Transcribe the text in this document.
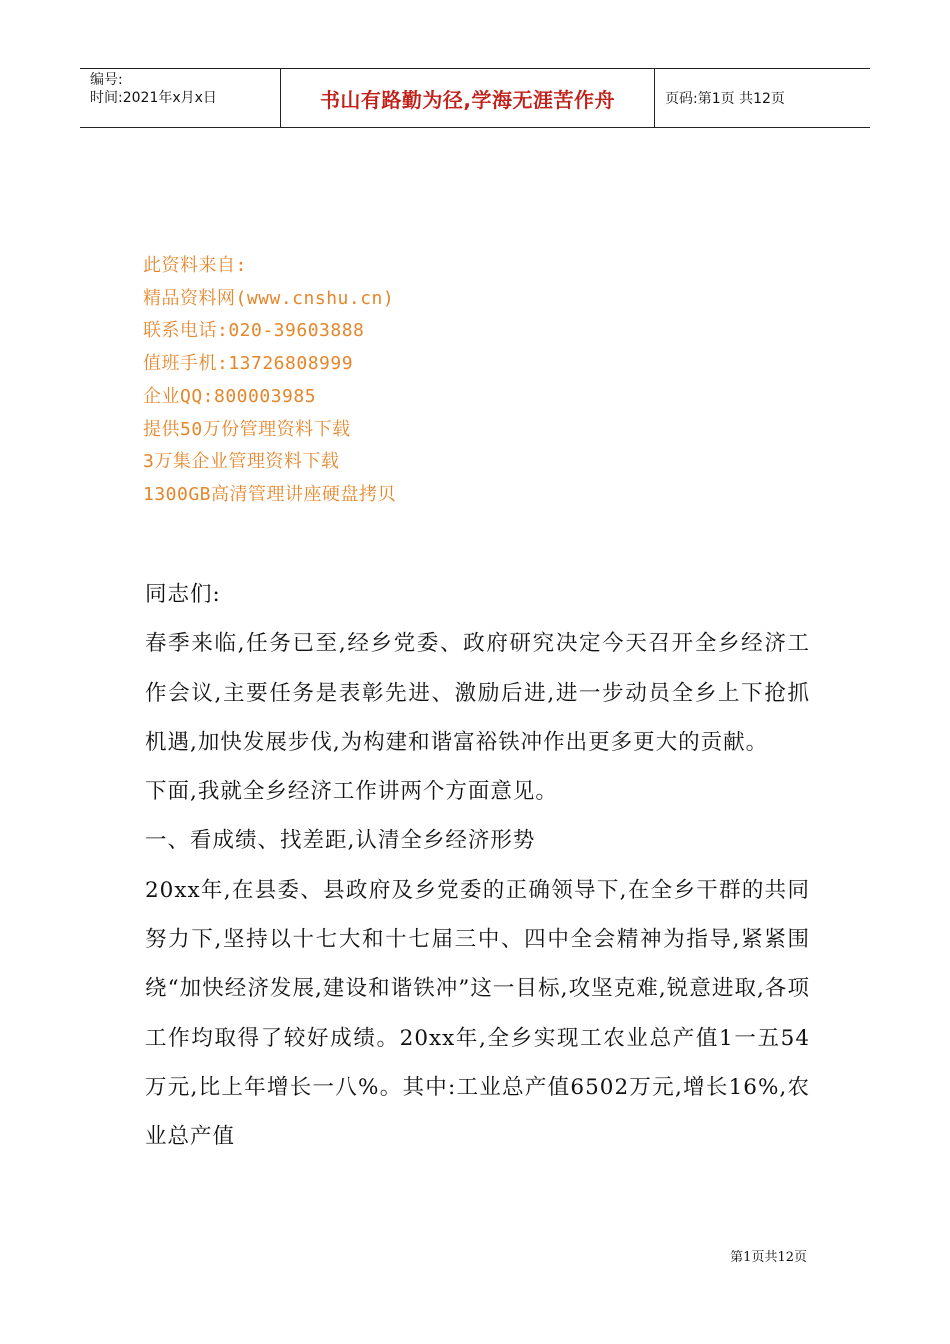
编号:
时间:2021年x月x日	书山有路勤为径,学海无涯苦作舟	页码:第1页 共12页
此资料来自:
精品资料网(www.cnshu.cn)
联系电话:020-39603888
值班手机:13726808999
企业QQ:800003985
提供50万份管理资料下载
3万集企业管理资料下载
1300GB高清管理讲座硬盘拷贝

同志们:

春季来临,任务已至,经乡党委、政府研究决定今天召开全乡经济工作会议,主要任务是表彰先进、激励后进,进一步动员全乡上下抢抓机遇,加快发展步伐,为构建和谐富裕铁冲作出更多更大的贡献。

下面,我就全乡经济工作讲两个方面意见。

一、看成绩、找差距,认清全乡经济形势

20xx年,在县委、县政府及乡党委的正确领导下,在全乡干群的共同努力下,坚持以十七大和十七届三中、四中全会精神为指导,紧紧围绕“加快经济发展,建设和谐铁冲”这一目标,攻坚克难,锐意进取,各项工作均取得了较好成绩。20xx年,全乡实现工农业总产值1一五54万元,比上年增长一八%。其中:工业总产值6502万元,增长16%,农业总产值

第1页共12页
